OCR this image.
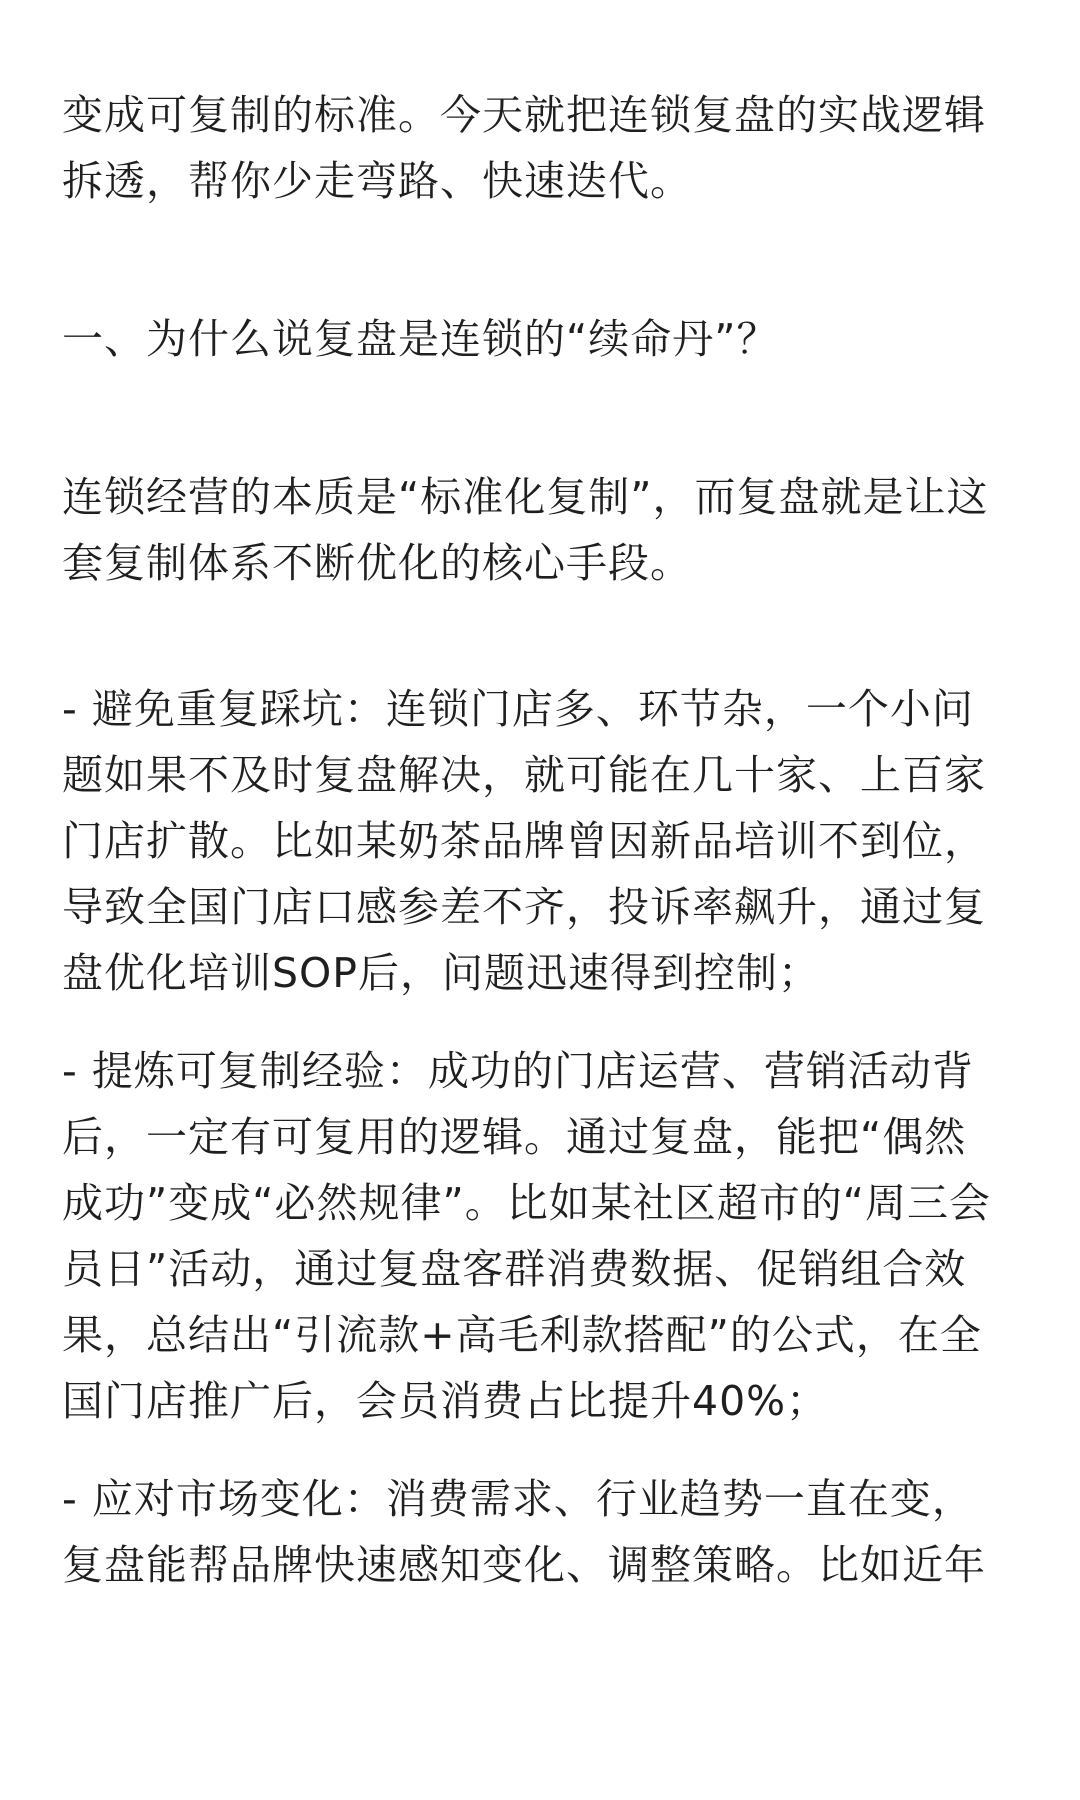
变成可复制的标准。今天就把连锁复盘的实战逻辑
拆透，帮你少走弯路、快速迭代。

一、为什么说复盘是连锁的“续命丹”？

连锁经营的本质是“标准化复制”，而复盘就是让这
套复制体系不断优化的核心手段。

- 避免重复踩坑：连锁门店多、环节杂，一个小问
题如果不及时复盘解决，就可能在几十家、上百家
门店扩散。比如某奶茶品牌曾因新品培训不到位，
导致全国门店口感参差不齐，投诉率飙升，通过复
盘优化培训SOP后，问题迅速得到控制；

- 提炼可复制经验：成功的门店运营、营销活动背
后，一定有可复用的逻辑。通过复盘，能把“偶然
成功”变成“必然规律”。比如某社区超市的“周三会
员日”活动，通过复盘客群消费数据、促销组合效
果，总结出“引流款+高毛利款搭配”的公式，在全
国门店推广后，会员消费占比提升40%；

- 应对市场变化：消费需求、行业趋势一直在变，
复盘能帮品牌快速感知变化、调整策略。比如近年
